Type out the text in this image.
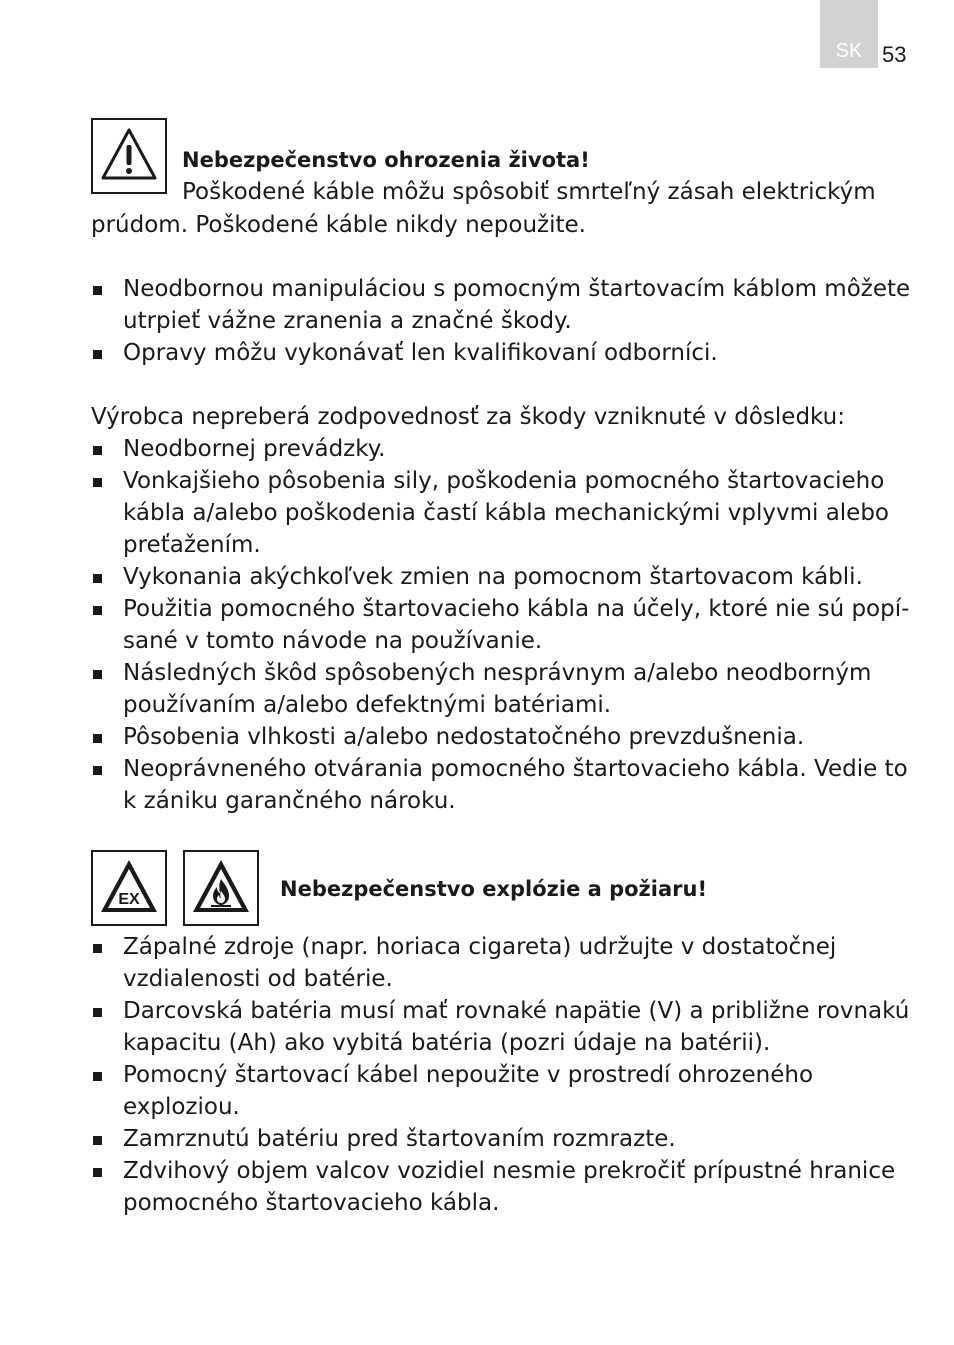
SK 53
Nebezpečenstvo ohrozenia života!
Poškodené káble môžu spôsobiť smrteľný zásah elektrickým
prúdom. Poškodené káble nikdy nepoužite.
Neodbornou manipuláciou s pomocným štartovacím káblom môžete utrpieť vážne zranenia a značné škody.
Opravy môžu vykonávať len kvalifikovaní odborníci.
Výrobca nepreberá zodpovednosť za škody vzniknuté v dôsledku:
Neodbornej prevádzky.
Vonkajšieho pôsobenia sily, poškodenia pomocného štartovacieho kábla a/alebo poškodenia častí kábla mechanickými vplyvmi alebo preťažením.
Vykonania akýchkoľvek zmien na pomocnom štartovacom kábli.
Použitia pomocného štartovacieho kábla na účely, ktoré nie sú popísané v tomto návode na používanie.
Následných škôd spôsobených nesprávnym a/alebo neodborným používaním a/alebo defektnými batériami.
Pôsobenia vlhkosti a/alebo nedostatočného prevzdušnenia.
Neoprávneného otvárania pomocného štartovacieho kábla. Vedie to k zániku garančného nároku.
EX	Nebezpečenstvo explózie a požiaru!
Zápalné zdroje (napr. horiaca cigareta) udržujte v dostatočnej vzdialenosti od batérie.
Darcovská batéria musí mať rovnaké napätie (V) a približne rovnakú kapacitu (Ah) ako vybitá batéria (pozri údaje na batérii).
Pomocný štartovací kábel nepoužite v prostredí ohrozeného exploziou.
Zamrznutú batériu pred štartovaním rozmrazte.
Zdvihový objem valcov vozidiel nesmie prekročiť prípustné hranice pomocného štartovacieho kábla.
